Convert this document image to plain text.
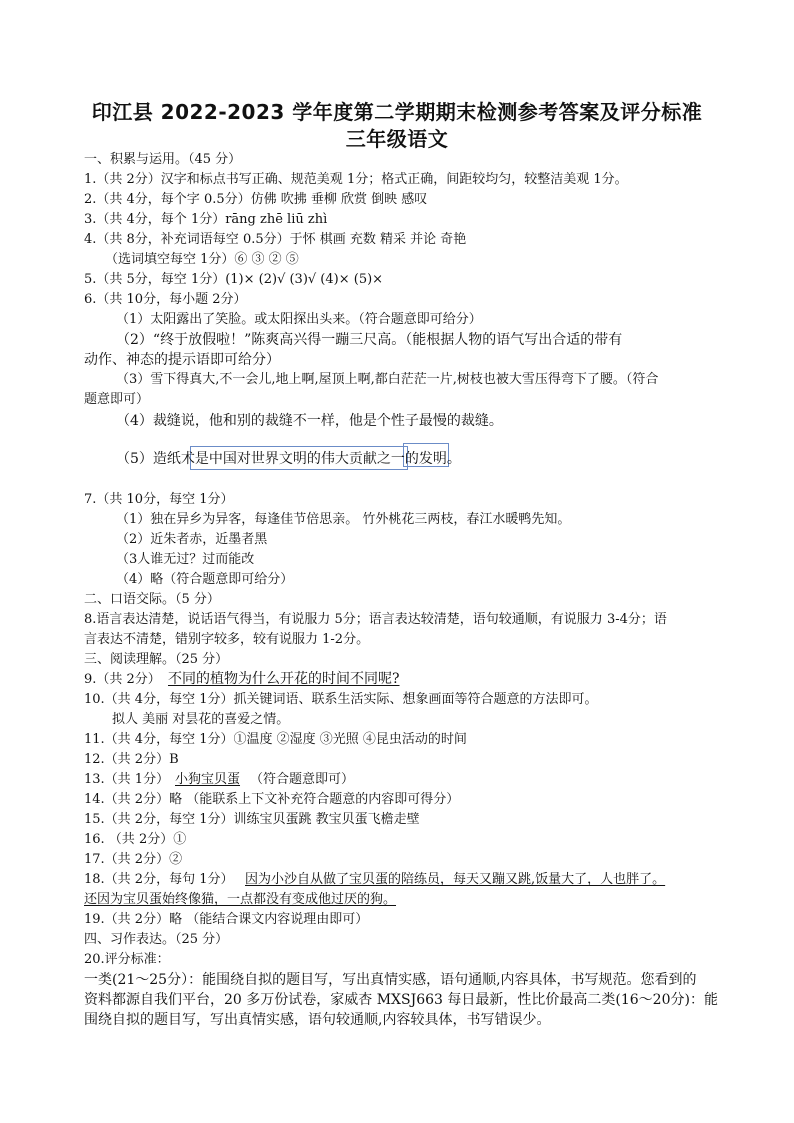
印江县 2022-2023 学年度第二学期期末检测参考答案及评分标准
三年级语文
一、积累与运用。（45 分）
1.（共 2分）汉字和标点书写正确、规范美观 1分；格式正确，间距较均匀，较整洁美观 1分。
2.（共 4分，每个字 0.5分）仿佛 吹拂 垂柳 欣赏 倒映 感叹
3.（共 4分，每个 1分）rāng zhē liū zhì
4.（共 8分，补充词语每空 0.5分）于怀 棋画 充数 精采 并论 奇艳
（选词填空每空 1分）⑥ ③ ② ⑤
5.（共 5分，每空 1分）(1)× (2)√ (3)√ (4)× (5)×
6.（共 10分，每小题 2分）
（1）太阳露出了笑脸。或太阳探出头来。（符合题意即可给分）
（2）“终于放假啦！”陈爽高兴得一蹦三尺高。（能根据人物的语气写出合适的带有
动作、神态的提示语即可给分）
（3）雪下得真大,不一会儿,地上啊,屋顶上啊,都白茫茫一片,树枝也被大雪压得弯下了腰。（符合
题意即可）
（4）裁缝说，他和别的裁缝不一样，他是个性子最慢的裁缝。
（5）造纸术是中国对世界文明的伟大贡献之一的发明。
7.（共 10分，每空 1分）
（1）独在异乡为异客，每逢佳节倍思亲。 竹外桃花三两枝，春江水暖鸭先知。
（2）近朱者赤，近墨者黑
（3人谁无过？过而能改
（4）略（符合题意即可给分）
二、口语交际。（5 分）
8.语言表达清楚，说话语气得当，有说服力 5分；语言表达较清楚，语句较通顺，有说服力 3-4分；语
言表达不清楚，错别字较多，较有说服力 1-2分。
三、阅读理解。（25 分）
9.（共 2分） 不同的植物为什么开花的时间不同呢?
10.（共 4分，每空 1分）抓关键词语、联系生活实际、想象画面等符合题意的方法即可。
拟人 美丽 对昙花的喜爱之情。
11.（共 4分，每空 1分）①温度 ②湿度 ③光照 ④昆虫活动的时间
12.（共 2分）B
13.（共 1分） 小狗宝贝蛋 （符合题意即可）
14.（共 2分）略 （能联系上下文补充符合题意的内容即可得分）
15.（共 2分，每空 1分）训练宝贝蛋跳 教宝贝蛋飞檐走壁
16. （共 2分）①
17.（共 2分）②
18.（共 2分，每句 1分） 因为小沙自从做了宝贝蛋的陪练员，每天又蹦又跳,饭量大了，人也胖了。
还因为宝贝蛋始终像猫，一点都没有变成他过厌的狗。
19.（共 2分）略 （能结合课文内容说理由即可）
四、习作表达。（25 分）
20.评分标准：
一类(21～25分）：能围绕自拟的题目写，写出真情实感，语句通顺,内容具体，书写规范。您看到的
资料都源自我们平台，20 多万份试卷，家威杏 MXSJ663 每日最新，性比价最高二类(16～20分)：能
围绕自拟的题目写，写出真情实感，语句较通顺,内容较具体，书写错误少。
